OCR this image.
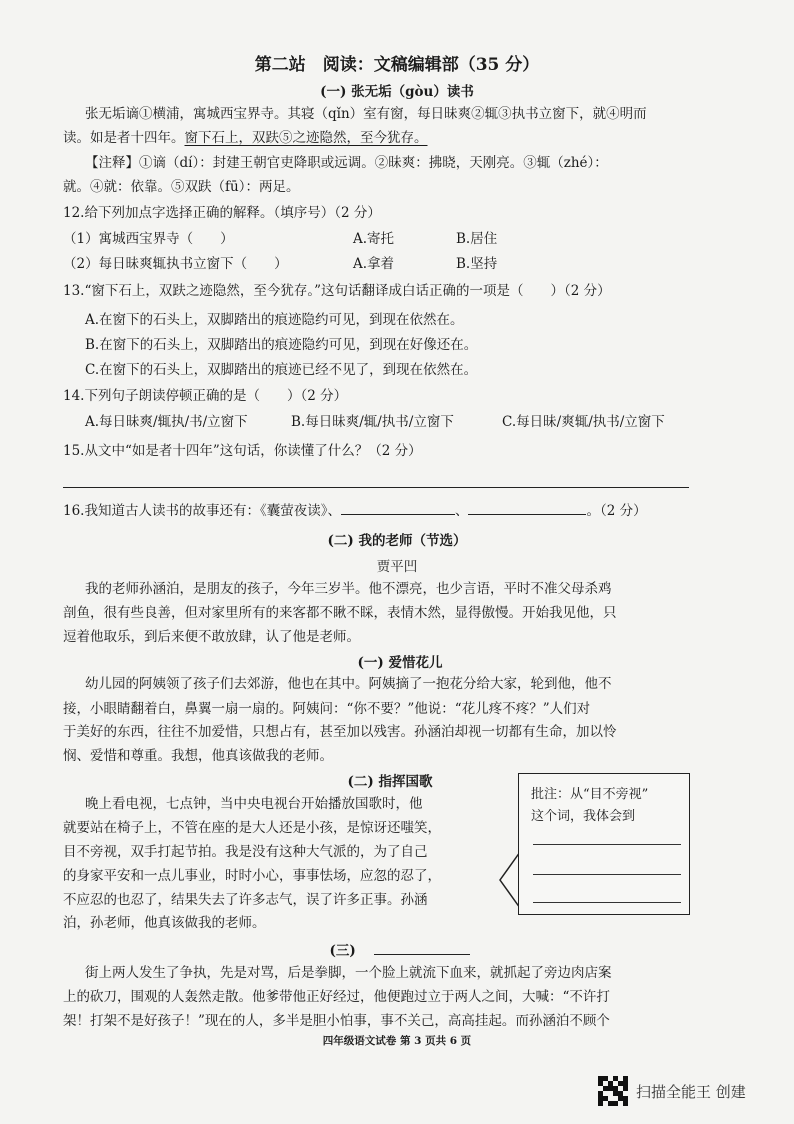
第二站　阅读：文稿编辑部（35 分）
(一) 张无垢（gòu）读书
张无垢谪①横浦，寓城西宝界寺。其寝（qǐn）室有窗，每日昧爽②辄③执书立窗下，就④明而
读。如是者十四年。窗下石上，双趺⑤之迹隐然，至今犹存。
【注释】①谪（dí）：封建王朝官吏降职或远调。②昧爽：拂晓，天刚亮。③辄（zhé）：
就。④就：依靠。⑤双趺（fū）：两足。
12.给下列加点字选择正确的解释。（填序号）（2 分）
（1）寓城西宝界寺（　　）	A.寄托	B.居住
（2）每日昧爽辄执书立窗下（　　）	A.拿着	B.坚持
13.“窗下石上，双趺之迹隐然，至今犹存。”这句话翻译成白话正确的一项是（　　）（2 分）
A.在窗下的石头上，双脚踏出的痕迹隐约可见，到现在依然在。
B.在窗下的石头上，双脚踏出的痕迹隐约可见，到现在好像还在。
C.在窗下的石头上，双脚踏出的痕迹已经不见了，到现在依然在。
14.下列句子朗读停顿正确的是（　　）（2 分）
A.每日昧爽/辄执/书/立窗下	B.每日昧爽/辄/执书/立窗下	C.每日昧/爽辄/执书/立窗下
15.从文中“如是者十四年”这句话，你读懂了什么？（2 分）
16.我知道古人读书的故事还有：《囊萤夜读》、	、	。（2 分）
(二) 我的老师（节选）
贾平凹
我的老师孙涵泊，是朋友的孩子，今年三岁半。他不漂亮，也少言语，平时不准父母杀鸡
剖鱼，很有些良善，但对家里所有的来客都不瞅不睬，表情木然，显得傲慢。开始我见他，只
逗着他取乐，到后来便不敢放肆，认了他是老师。
(一) 爱惜花儿
幼儿园的阿姨领了孩子们去郊游，他也在其中。阿姨摘了一抱花分给大家，轮到他，他不
接，小眼睛翻着白，鼻翼一扇一扇的。阿姨问：“你不要？”他说：“花儿疼不疼？”人们对
于美好的东西，往往不加爱惜，只想占有，甚至加以残害。孙涵泊却视一切都有生命，加以怜
悯、爱惜和尊重。我想，他真该做我的老师。
(二) 指挥国歌
晚上看电视，七点钟，当中央电视台开始播放国歌时，他
就要站在椅子上，不管在座的是大人还是小孩，是惊讶还嗤笑，
目不旁视，双手打起节拍。我是没有这种大气派的，为了自己
的身家平安和一点儿事业，时时小心，事事怯场，应忽的忍了，
不应忍的也忍了，结果失去了许多志气，误了许多正事。孙涵
泊，孙老师，他真该做我的老师。
批注：从“目不旁视”
这个词，我体会到
(三)
街上两人发生了争执，先是对骂，后是拳脚，一个脸上就流下血来，就抓起了旁边肉店案
上的砍刀，围观的人轰然走散。他爹带他正好经过，他便跑过立于两人之间，大喊：“不许打
架！打架不是好孩子！”现在的人，多半是胆小怕事，事不关己，高高挂起。而孙涵泊不顾个
四年级语文试卷 第 3 页共 6 页
扫描全能王 创建
